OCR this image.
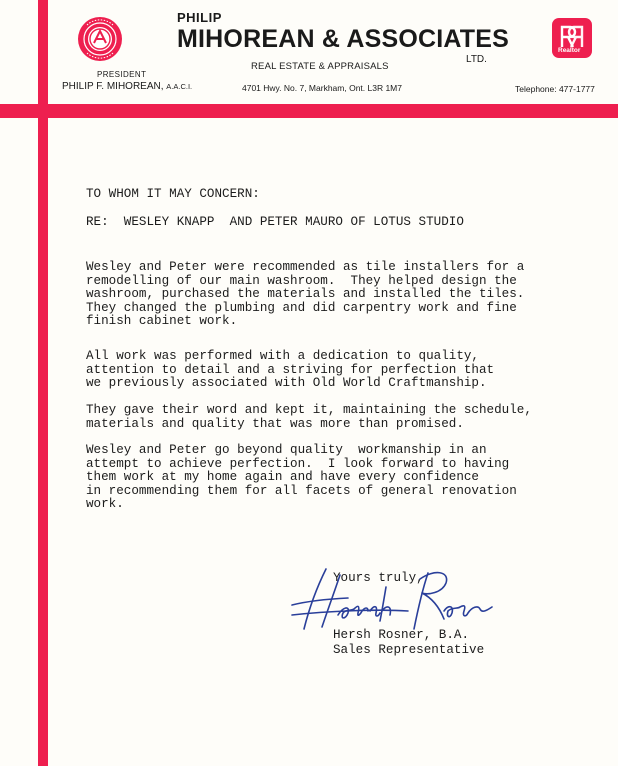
Realtor
PHILIP
MIHOREAN & ASSOCIATES
LTD.
REAL ESTATE & APPRAISALS
PRESIDENT
PHILIP F. MIHOREAN, A.A.C.I.	4701 Hwy. No. 7, Markham, Ont. L3R 1M7	Telephone: 477-1777
TO WHOM IT MAY CONCERN:
RE:  WESLEY KNAPP  AND PETER MAURO OF LOTUS STUDIO
Wesley and Peter were recommended as tile installers for a
remodelling of our main washroom.  They helped design the
washroom, purchased the materials and installed the tiles.
They changed the plumbing and did carpentry work and fine
finish cabinet work.
All work was performed with a dedication to quality,
attention to detail and a striving for perfection that
we previously associated with Old World Craftmanship.
They gave their word and kept it, maintaining the schedule,
materials and quality that was more than promised.
Wesley and Peter go beyond quality  workmanship in an
attempt to achieve perfection.  I look forward to having
them work at my home again and have every confidence
in recommending them for all facets of general renovation
work.
Yours truly,
Hersh Rosner, B.A.
Sales Representative
